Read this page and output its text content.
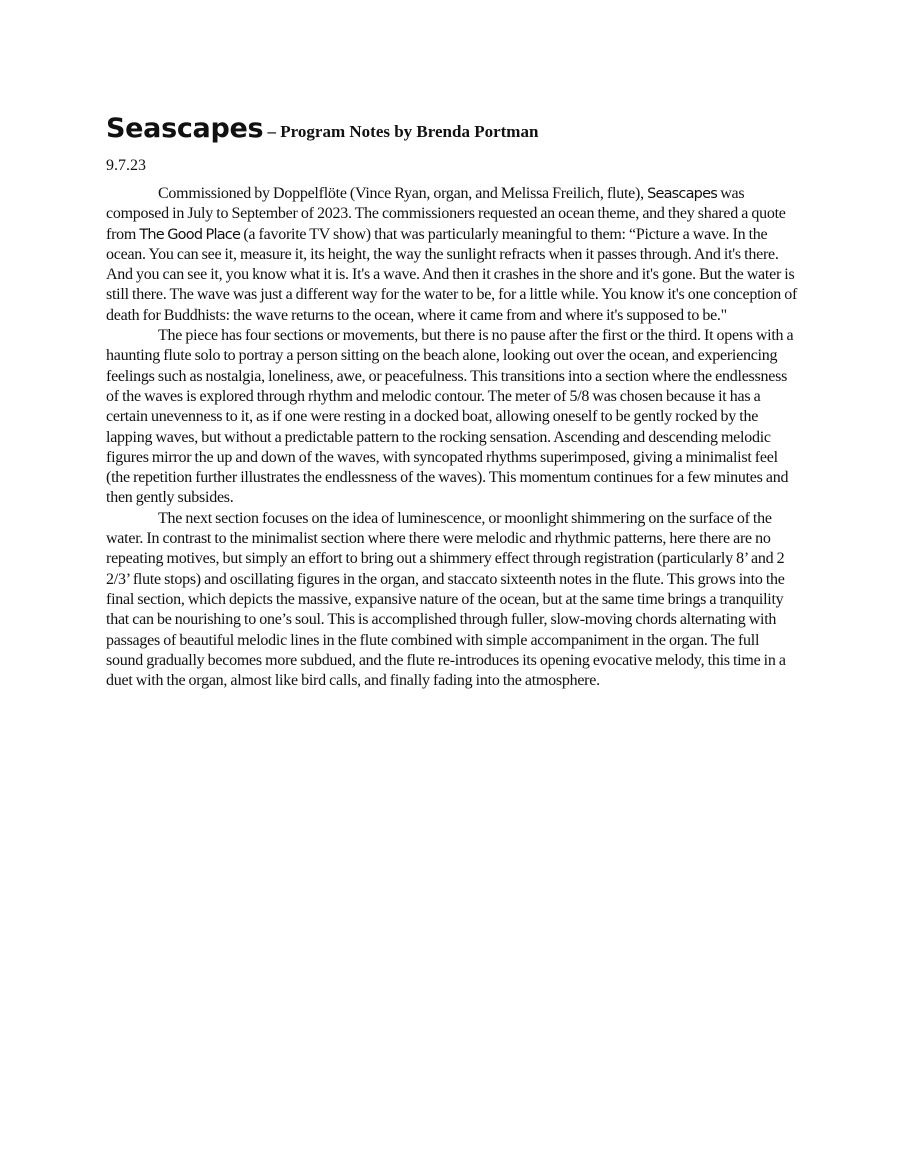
Seascapes – Program Notes by Brenda Portman
9.7.23

Commissioned by Doppelflöte (Vince Ryan, organ, and Melissa Freilich, flute), Seascapes was composed in July to September of 2023. The commissioners requested an ocean theme, and they shared a quote from The Good Place (a favorite TV show) that was particularly meaningful to them: “Picture a wave. In the ocean. You can see it, measure it, its height, the way the sunlight refracts when it passes through. And it's there. And you can see it, you know what it is. It's a wave. And then it crashes in the shore and it's gone. But the water is still there. The wave was just a different way for the water to be, for a little while. You know it's one conception of death for Buddhists: the wave returns to the ocean, where it came from and where it's supposed to be."

The piece has four sections or movements, but there is no pause after the first or the third. It opens with a haunting flute solo to portray a person sitting on the beach alone, looking out over the ocean, and experiencing feelings such as nostalgia, loneliness, awe, or peacefulness. This transitions into a section where the endlessness of the waves is explored through rhythm and melodic contour. The meter of 5/8 was chosen because it has a certain unevenness to it, as if one were resting in a docked boat, allowing oneself to be gently rocked by the lapping waves, but without a predictable pattern to the rocking sensation. Ascending and descending melodic figures mirror the up and down of the waves, with syncopated rhythms superimposed, giving a minimalist feel (the repetition further illustrates the endlessness of the waves). This momentum continues for a few minutes and then gently subsides.

The next section focuses on the idea of luminescence, or moonlight shimmering on the surface of the water. In contrast to the minimalist section where there were melodic and rhythmic patterns, here there are no repeating motives, but simply an effort to bring out a shimmery effect through registration (particularly 8’ and 2 2/3’ flute stops) and oscillating figures in the organ, and staccato sixteenth notes in the flute. This grows into the final section, which depicts the massive, expansive nature of the ocean, but at the same time brings a tranquility that can be nourishing to one’s soul. This is accomplished through fuller, slow-moving chords alternating with passages of beautiful melodic lines in the flute combined with simple accompaniment in the organ. The full sound gradually becomes more subdued, and the flute re-introduces its opening evocative melody, this time in a duet with the organ, almost like bird calls, and finally fading into the atmosphere.
